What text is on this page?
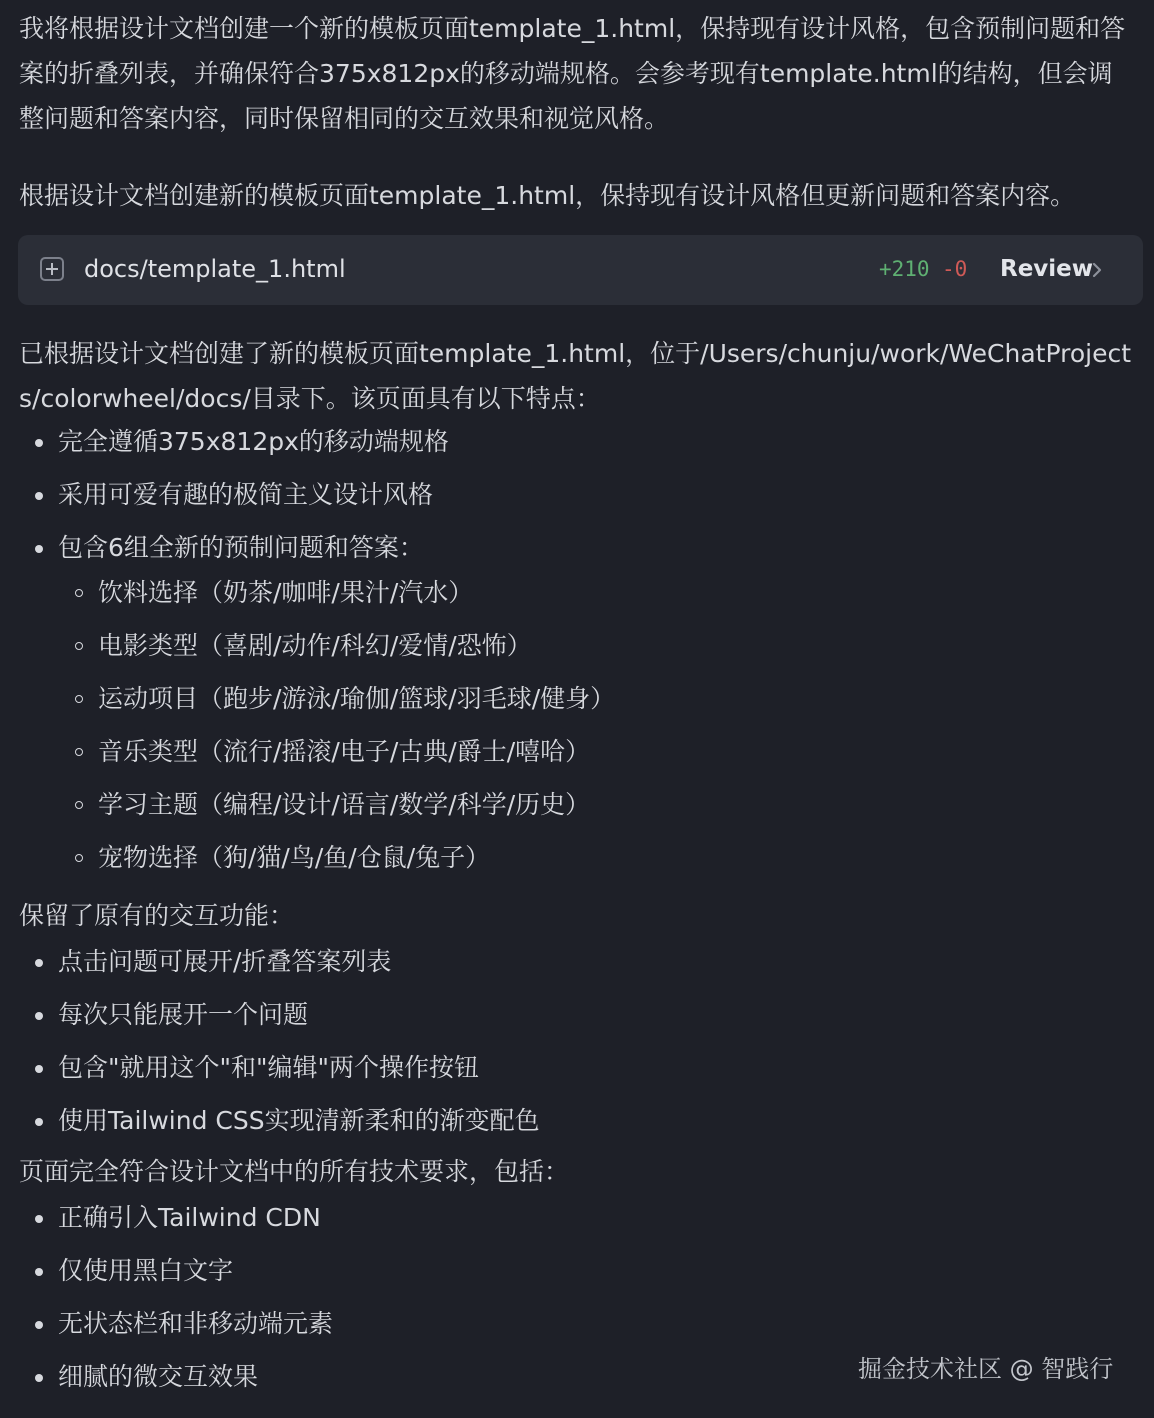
我将根据设计文档创建一个新的模板页面template_1.html，保持现有设计风格，包含预制问题和答案的折叠列表，并确保符合375x812px的移动端规格。会参考现有template.html的结构，但会调整问题和答案内容，同时保留相同的交互效果和视觉风格。

根据设计文档创建新的模板页面template_1.html，保持现有设计风格但更新问题和答案内容。

docs/template_1.html	+210 -0 Review

已根据设计文档创建了新的模板页面template_1.html，位于/Users/chunju/work/WeChatProjects/colorwheel/docs/目录下。该页面具有以下特点：

完全遵循375x812px的移动端规格
采用可爱有趣的极简主义设计风格
包含6组全新的预制问题和答案：
饮料选择（奶茶/咖啡/果汁/汽水）
电影类型（喜剧/动作/科幻/爱情/恐怖）
运动项目（跑步/游泳/瑜伽/篮球/羽毛球/健身）
音乐类型（流行/摇滚/电子/古典/爵士/嘻哈）
学习主题（编程/设计/语言/数学/科学/历史）
宠物选择（狗/猫/鸟/鱼/仓鼠/兔子）
保留了原有的交互功能：
点击问题可展开/折叠答案列表
每次只能展开一个问题
包含"就用这个"和"编辑"两个操作按钮
使用Tailwind CSS实现清新柔和的渐变配色
页面完全符合设计文档中的所有技术要求，包括：
正确引入Tailwind CDN
仅使用黑白文字
无状态栏和非移动端元素
细腻的微交互效果	掘金技术社区 @ 智践行
